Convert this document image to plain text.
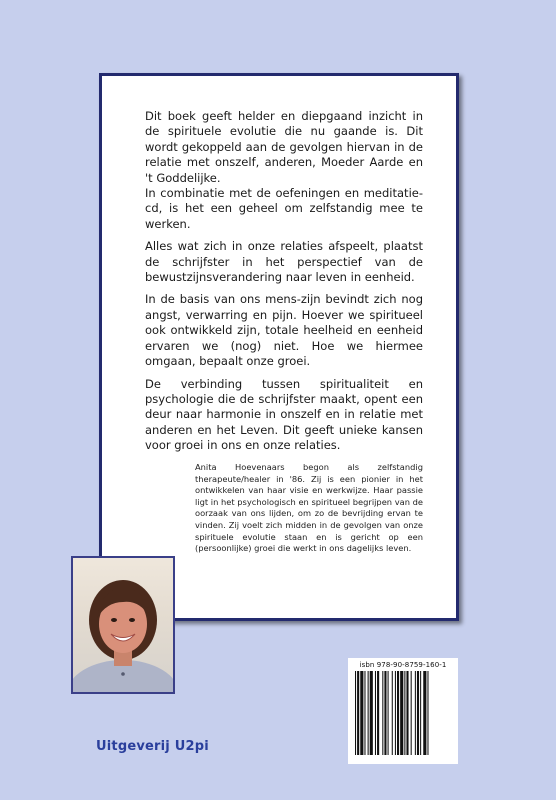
Dit boek geeft helder en diepgaand inzicht in de spirituele evolutie die nu gaande is. Dit wordt gekoppeld aan de gevolgen hiervan in de relatie met onszelf, anderen, Moeder Aarde en 't Goddelijke.

In combinatie met de oefeningen en meditatie-cd, is het een geheel om zelfstandig mee te werken.

Alles wat zich in onze relaties afspeelt, plaatst de schrijfster in het perspectief van de bewustzijnsverandering naar leven in eenheid.

In de basis van ons mens-zijn bevindt zich nog angst, verwarring en pijn. Hoever we spiritueel ook ontwikkeld zijn, totale heelheid en eenheid ervaren we (nog) niet. Hoe we hiermee omgaan, bepaalt onze groei.

De verbinding tussen spiritualiteit en psychologie die de schrijfster maakt, opent een deur naar harmonie in onszelf en in relatie met anderen en het Leven. Dit geeft unieke kansen voor groei in ons en onze relaties.

Anita Hoevenaars begon als zelfstandig therapeute/healer in '86. Zij is een pionier in het ontwikkelen van haar visie en werkwijze. Haar passie ligt in het psychologisch en spiritueel begrijpen van de oorzaak van ons lijden, om zo de bevrijding ervan te vinden. Zij voelt zich midden in de gevolgen van onze spirituele evolutie staan en is gericht op een (persoonlijke) groei die werkt in ons dagelijks leven.
isbn 978-90-8759-160-1
Uitgeverij U2pi
